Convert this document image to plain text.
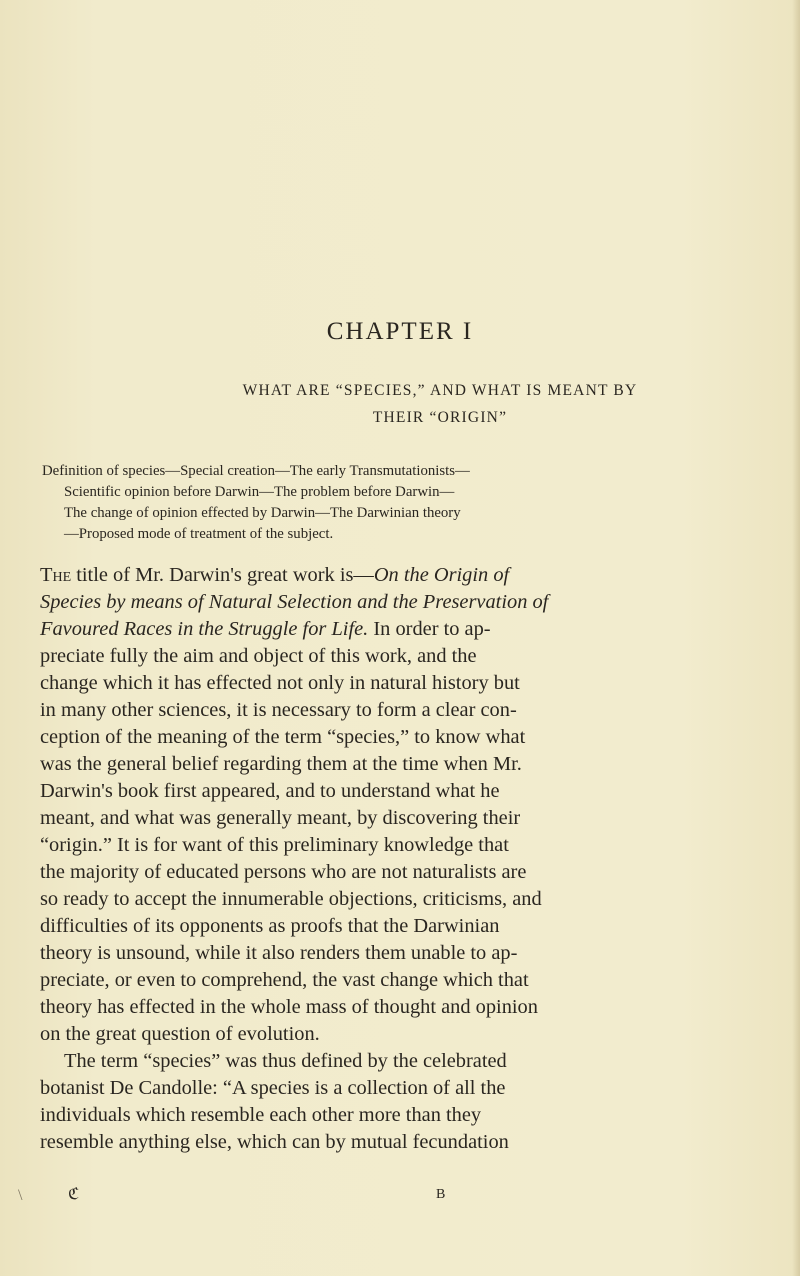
CHAPTER I
WHAT ARE “SPECIES,” AND WHAT IS MEANT BY
THEIR “ORIGIN”
Definition of species—Special creation—The early Transmutationists—
Scientific opinion before Darwin—The problem before Darwin—
The change of opinion effected by Darwin—The Darwinian theory
—Proposed mode of treatment of the subject.
The title of Mr. Darwin's great work is—On the Origin of
Species by means of Natural Selection and the Preservation of
Favoured Races in the Struggle for Life. In order to ap-
preciate fully the aim and object of this work, and the
change which it has effected not only in natural history but
in many other sciences, it is necessary to form a clear con-
ception of the meaning of the term “species,” to know what
was the general belief regarding them at the time when Mr.
Darwin's book first appeared, and to understand what he
meant, and what was generally meant, by discovering their
“origin.” It is for want of this preliminary knowledge that
the majority of educated persons who are not naturalists are
so ready to accept the innumerable objections, criticisms, and
difficulties of its opponents as proofs that the Darwinian
theory is unsound, while it also renders them unable to ap-
preciate, or even to comprehend, the vast change which that
theory has effected in the whole mass of thought and opinion
on the great question of evolution.
The term “species” was thus defined by the celebrated
botanist De Candolle: “A species is a collection of all the
individuals which resemble each other more than they
resemble anything else, which can by mutual fecundation
\	ℭ	B
